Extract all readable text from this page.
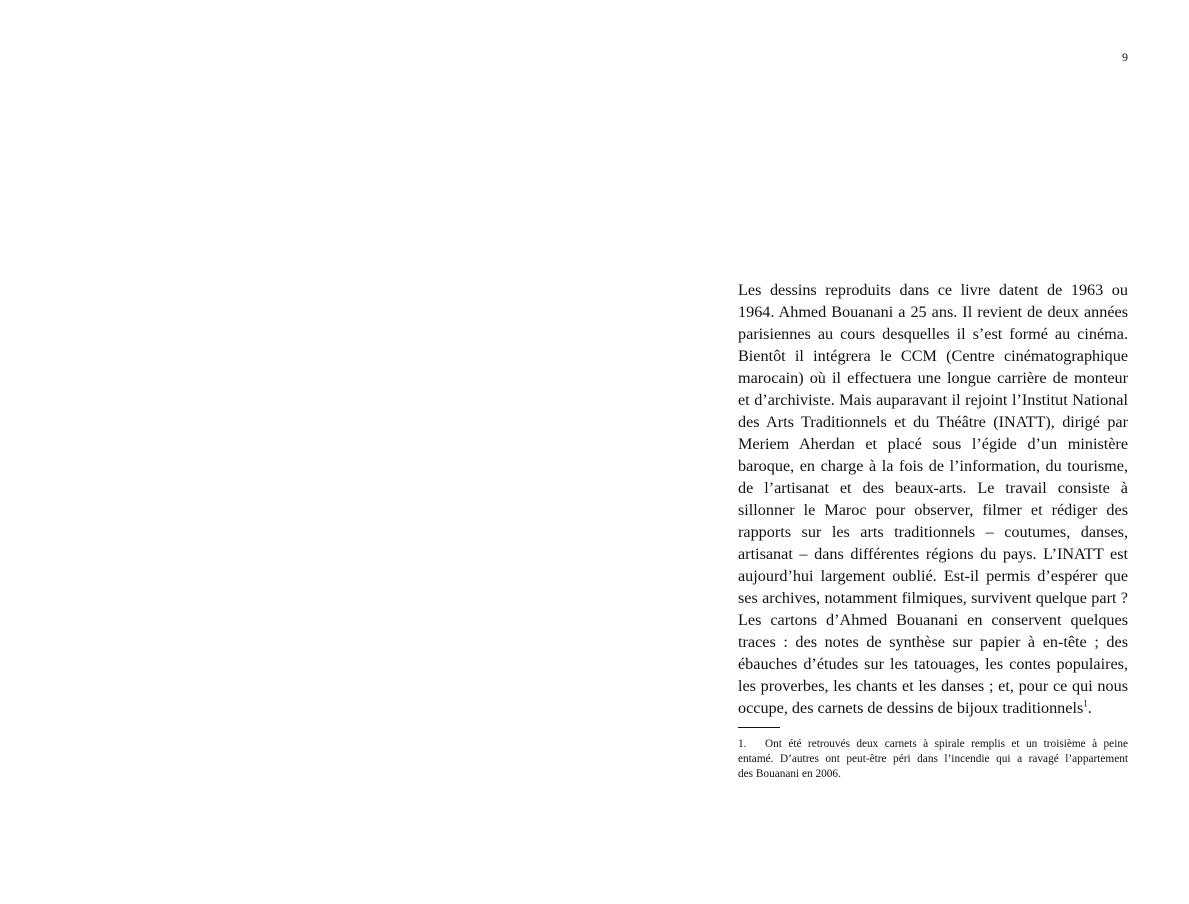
9
Les dessins reproduits dans ce livre datent de 1963 ou
1964. Ahmed Bouanani a 25 ans. Il revient de deux années
parisiennes au cours desquelles il s’est formé au cinéma.
Bientôt il intégrera le CCM (Centre cinématographique
marocain) où il effectuera une longue carrière de monteur
et d’archiviste. Mais auparavant il rejoint l’Institut National
des Arts Traditionnels et du Théâtre (INATT), dirigé par
Meriem Aherdan et placé sous l’égide d’un ministère
baroque, en charge à la fois de l’information, du tourisme,
de l’artisanat et des beaux-arts. Le travail consiste à
sillonner le Maroc pour observer, filmer et rédiger des
rapports sur les arts traditionnels – coutumes, danses,
artisanat – dans différentes régions du pays. L’INATT est
aujourd’hui largement oublié. Est-il permis d’espérer que
ses archives, notamment filmiques, survivent quelque part ?
Les cartons d’Ahmed Bouanani en conservent quelques
traces : des notes de synthèse sur papier à en-tête ; des
ébauches d’études sur les tatouages, les contes populaires,
les proverbes, les chants et les danses ; et, pour ce qui nous
occupe, des carnets de dessins de bijoux traditionnels$^1$.
1. Ont été retrouvés deux carnets à spirale remplis et un troisième à peine
entamé. D’autres ont peut-être péri dans l’incendie qui a ravagé l’appartement
des Bouanani en 2006.
